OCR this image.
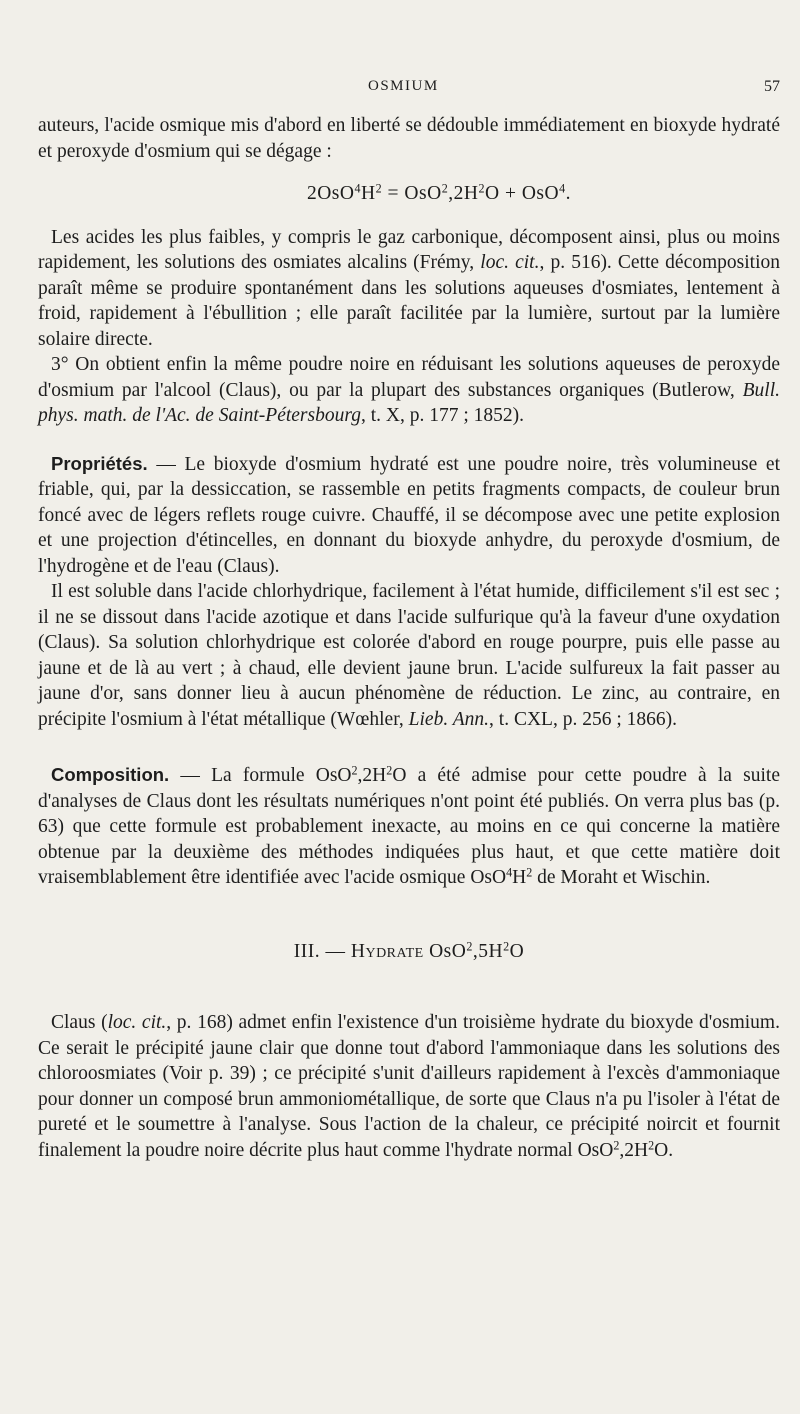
OSMIUM	57

auteurs, l'acide osmique mis d'abord en liberté se dédouble immédiatement en bioxyde hydraté et peroxyde d'osmium qui se dégage :

$2OsO^4H^2 = OsO^2,2H^2O + OsO^4$.

Les acides les plus faibles, y compris le gaz carbonique, décomposent ainsi, plus ou moins rapidement, les solutions des osmiates alcalins (Frémy, loc. cit., p. 516). Cette décomposition paraît même se produire spontanément dans les solutions aqueuses d'osmiates, lentement à froid, rapidement à l'ébullition ; elle paraît facilitée par la lumière, surtout par la lumière solaire directe.

3° On obtient enfin la même poudre noire en réduisant les solutions aqueuses de peroxyde d'osmium par l'alcool (Claus), ou par la plupart des substances organiques (Butlerow, Bull. phys. math. de l'Ac. de Saint-Pétersbourg, t. X, p. 177 ; 1852).

Propriétés. — Le bioxyde d'osmium hydraté est une poudre noire, très volumineuse et friable, qui, par la dessiccation, se rassemble en petits fragments compacts, de couleur brun foncé avec de légers reflets rouge cuivre. Chauffé, il se décompose avec une petite explosion et une projection d'étincelles, en donnant du bioxyde anhydre, du peroxyde d'osmium, de l'hydrogène et de l'eau (Claus).

Il est soluble dans l'acide chlorhydrique, facilement à l'état humide, difficilement s'il est sec ; il ne se dissout dans l'acide azotique et dans l'acide sulfurique qu'à la faveur d'une oxydation (Claus). Sa solution chlorhydrique est colorée d'abord en rouge pourpre, puis elle passe au jaune et de là au vert ; à chaud, elle devient jaune brun. L'acide sulfureux la fait passer au jaune d'or, sans donner lieu à aucun phénomène de réduction. Le zinc, au contraire, en précipite l'osmium à l'état métallique (Wœhler, Lieb. Ann., t. CXL, p. 256 ; 1866).

Composition. — La formule $OsO^2,2H^2O$ a été admise pour cette poudre à la suite d'analyses de Claus dont les résultats numériques n'ont point été publiés. On verra plus bas (p. 63) que cette formule est probablement inexacte, au moins en ce qui concerne la matière obtenue par la deuxième des méthodes indiquées plus haut, et que cette matière doit vraisemblablement être identifiée avec l'acide osmique $OsO^4H^2$ de Moraht et Wischin.

III. — Hydrate $OsO^2,5H^2O$

Claus (loc. cit., p. 168) admet enfin l'existence d'un troisième hydrate du bioxyde d'osmium. Ce serait le précipité jaune clair que donne tout d'abord l'ammoniaque dans les solutions des chloroosmiates (Voir p. 39) ; ce précipité s'unit d'ailleurs rapidement à l'excès d'ammoniaque pour donner un composé brun ammoniométallique, de sorte que Claus n'a pu l'isoler à l'état de pureté et le soumettre à l'analyse. Sous l'action de la chaleur, ce précipité noircit et fournit finalement la poudre noire décrite plus haut comme l'hydrate normal $OsO^2,2H^2O$.
